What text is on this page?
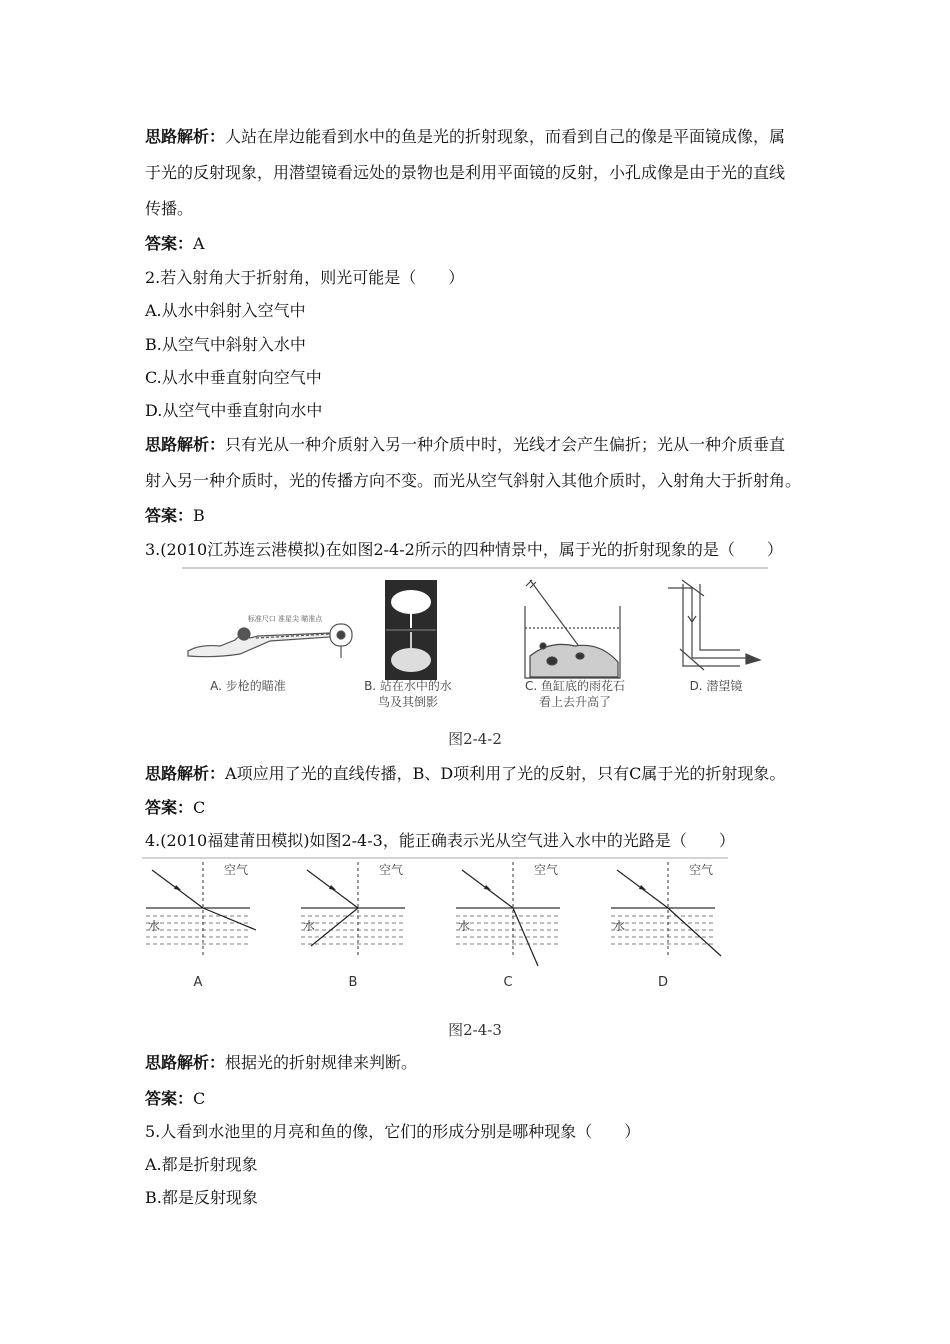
思路解析：人站在岸边能看到水中的鱼是光的折射现象，而看到自己的像是平面镜成像，属
于光的反射现象，用潜望镜看远处的景物也是利用平面镜的反射，小孔成像是由于光的直线
传播。
答案：A
2.若入射角大于折射角，则光可能是（　　）
A.从水中斜射入空气中
B.从空气中斜射入水中
C.从水中垂直射向空气中
D.从空气中垂直射向水中
思路解析：只有光从一种介质射入另一种介质中时，光线才会产生偏折；光从一种介质垂直
射入另一种介质时，光的传播方向不变。而光从空气斜射入其他介质时，入射角大于折射角。
答案：B
3.(2010江苏连云港模拟)在如图2-4-2所示的四种情景中，属于光的折射现象的是（　　）
标准尺口 准星尖 瞄准点
A. 步枪的瞄准	B. 站在水中的水
鸟及其倒影
C. 鱼缸底的雨花石
看上去升高了
D. 潜望镜
图2-4-2
思路解析：A项应用了光的直线传播，B、D项利用了光的反射，只有C属于光的折射现象。
答案：C
4.(2010福建莆田模拟)如图2-4-3，能正确表示光从空气进入水中的光路是（　　）
空气
水
A
空气
水
B
空气
水
C
空气
水
D
图2-4-3
思路解析：根据光的折射规律来判断。
答案：C
5.人看到水池里的月亮和鱼的像，它们的形成分别是哪种现象（　　）
A.都是折射现象
B.都是反射现象
